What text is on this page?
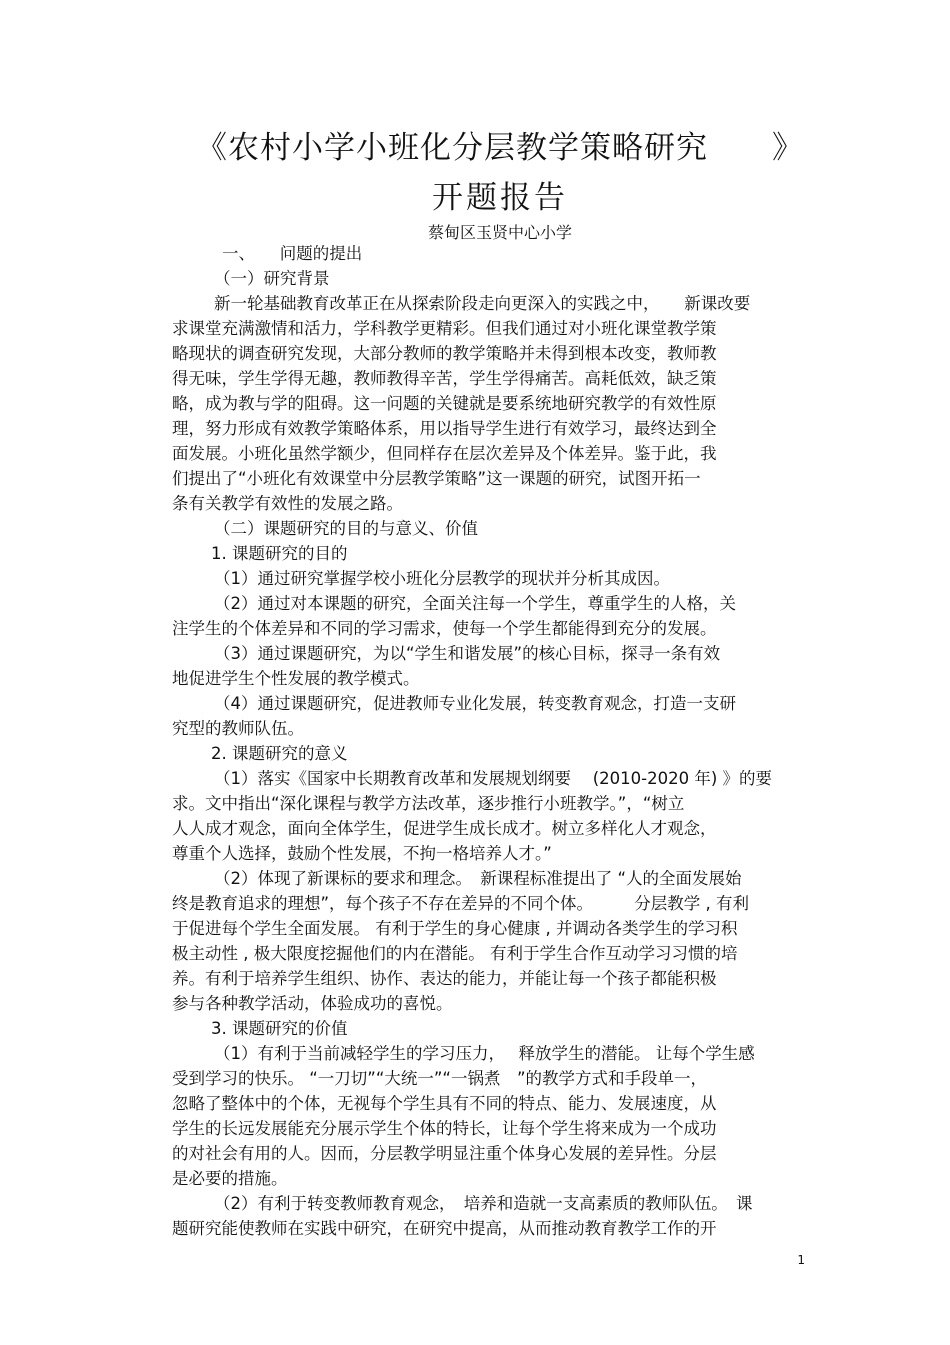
《农村小学小班化分层教学策略研究　　》
开题报告
蔡甸区玉贤中心小学
一、　　问题的提出
（一）研究背景
新一轮基础教育改革正在从探索阶段走向更深入的实践之中，　　新课改要
求课堂充满激情和活力，学科教学更精彩。但我们通过对小班化课堂教学策
略现状的调查研究发现，大部分教师的教学策略并未得到根本改变，教师教
得无味，学生学得无趣，教师教得辛苦，学生学得痛苦。高耗低效，缺乏策
略，成为教与学的阻碍。这一问题的关键就是要系统地研究教学的有效性原
理，努力形成有效教学策略体系，用以指导学生进行有效学习，最终达到全
面发展。小班化虽然学额少，但同样存在层次差异及个体差异。鉴于此，我
们提出了“小班化有效课堂中分层教学策略”这一课题的研究，试图开拓一
条有关教学有效性的发展之路。
（二）课题研究的目的与意义、价值
1. 课题研究的目的
（1）通过研究掌握学校小班化分层教学的现状并分析其成因。
（2）通过对本课题的研究，全面关注每一个学生，尊重学生的人格，关
注学生的个体差异和不同的学习需求，使每一个学生都能得到充分的发展。
（3）通过课题研究，为以“学生和谐发展”的核心目标，探寻一条有效
地促进学生个性发展的教学模式。
（4）通过课题研究，促进教师专业化发展，转变教育观念，打造一支研
究型的教师队伍。
2. 课题研究的意义
（1）落实《国家中长期教育改革和发展规划纲要　 (2010-2020 年) 》的要
求。文中指出“深化课程与教学方法改革，逐步推行小班教学。”，“树立
人人成才观念，面向全体学生，促进学生成长成才。树立多样化人才观念，
尊重个人选择，鼓励个性发展，不拘一格培养人才。”
（2）体现了新课标的要求和理念。　新课程标准提出了 “人的全面发展始
终是教育追求的理想”，每个孩子不存在差异的不同个体。　　　分层教学 , 有利
于促进每个学生全面发展。 有利于学生的身心健康 , 并调动各类学生的学习积
极主动性 , 极大限度挖掘他们的内在潜能。 有利于学生合作互动学习习惯的培
养。有利于培养学生组织、协作、表达的能力，并能让每一个孩子都能积极
参与各种教学活动，体验成功的喜悦。
3. 课题研究的价值
（1）有利于当前减轻学生的学习压力，　 释放学生的潜能。 让每个学生感
受到学习的快乐。 “一刀切”“大统一”“一锅煮　”的教学方式和手段单一，
忽略了整体中的个体，无视每个学生具有不同的特点、能力、发展速度，从
学生的长远发展能充分展示学生个体的特长，让每个学生将来成为一个成功
的对社会有用的人。因而，分层教学明显注重个体身心发展的差异性。分层
是必要的措施。
（2）有利于转变教师教育观念，　培养和造就一支高素质的教师队伍。　课
题研究能使教师在实践中研究，在研究中提高，从而推动教育教学工作的开
1
